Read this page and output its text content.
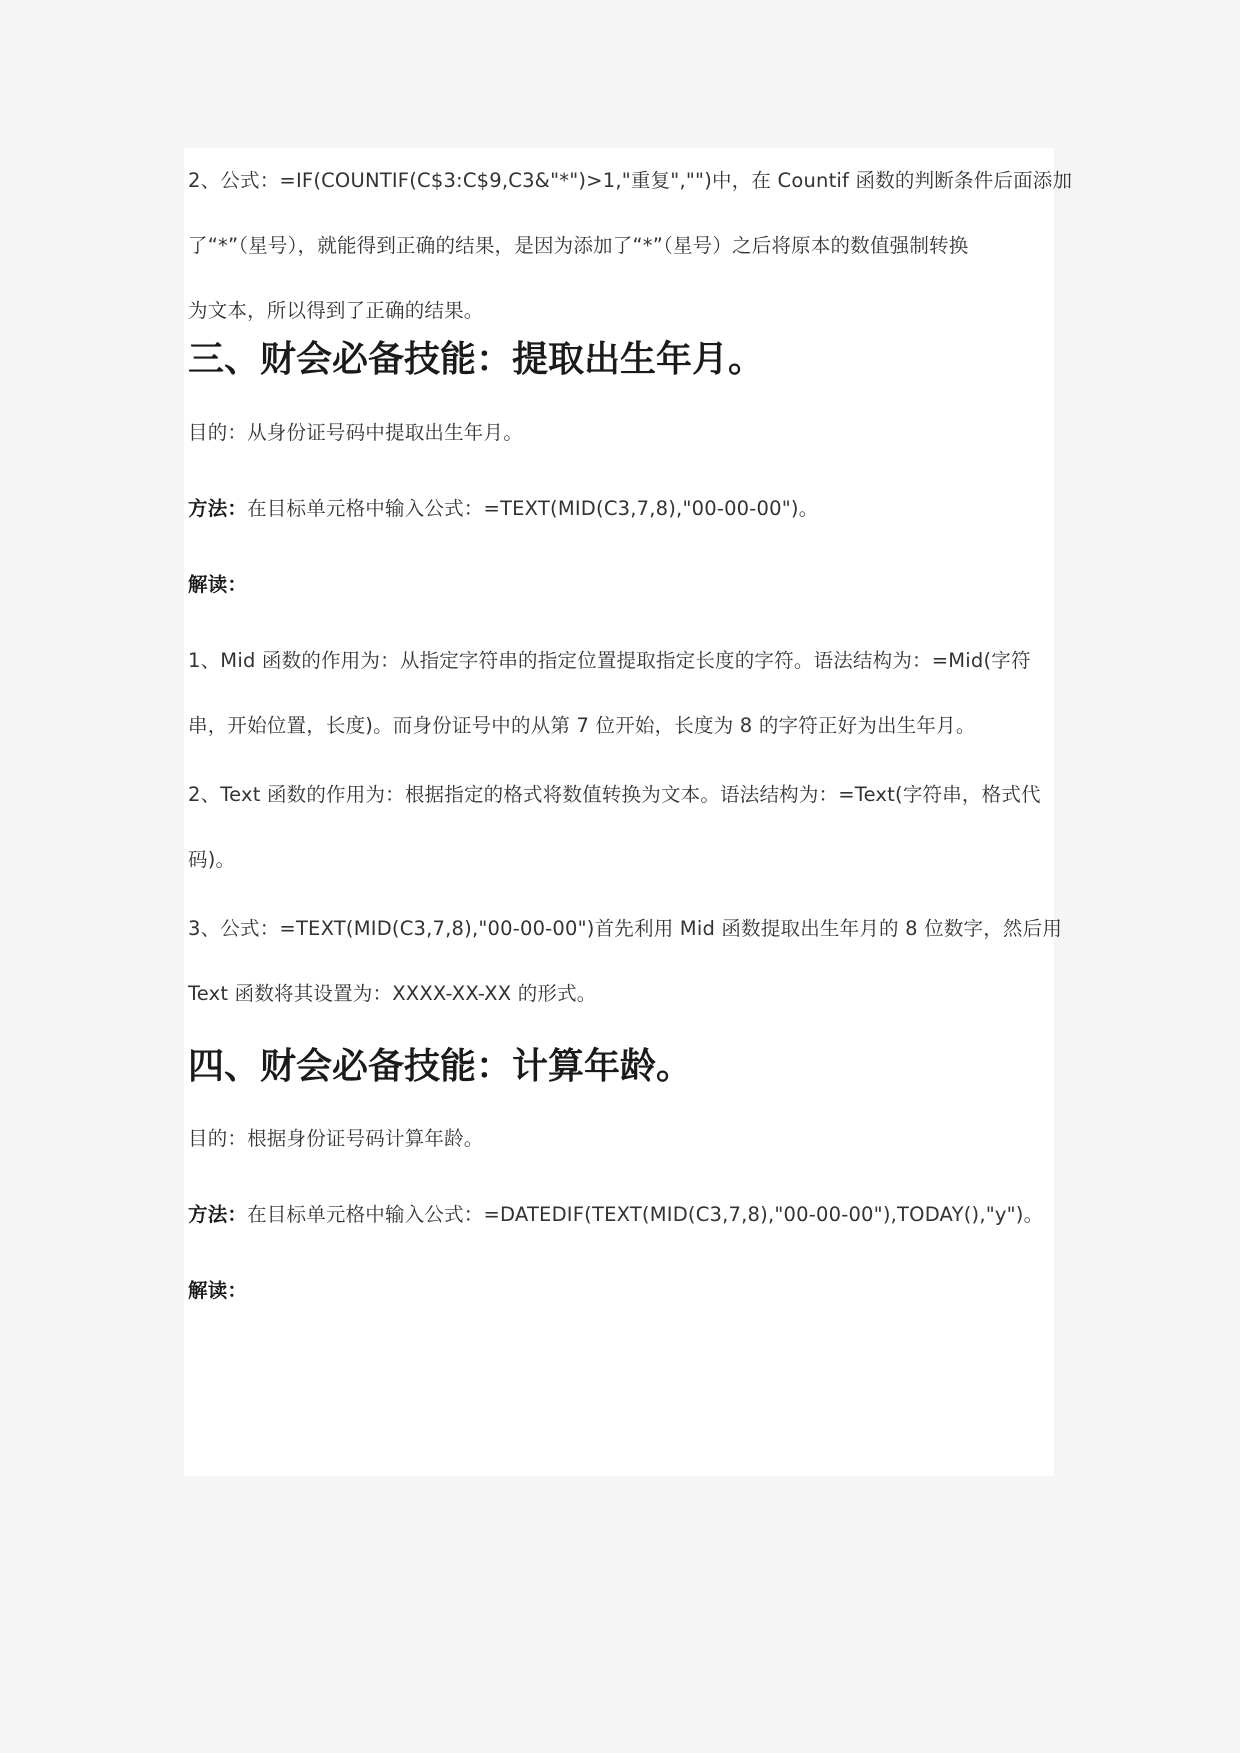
2、公式：=IF(COUNTIF(C$3:C$9,C3&"*")>1,"重复","")中，在 Countif 函数的判断条件后面添加

了“*”（星号），就能得到正确的结果，是因为添加了“*”（星号）之后将原本的数值强制转换

为文本，所以得到了正确的结果。

三、财会必备技能：提取出生年月。

目的：从身份证号码中提取出生年月。

方法：在目标单元格中输入公式：=TEXT(MID(C3,7,8),"00-00-00")。

解读：

1、Mid 函数的作用为：从指定字符串的指定位置提取指定长度的字符。语法结构为：=Mid(字符

串，开始位置，长度)。而身份证号中的从第 7 位开始，长度为 8 的字符正好为出生年月。

2、Text 函数的作用为：根据指定的格式将数值转换为文本。语法结构为：=Text(字符串，格式代

码)。

3、公式：=TEXT(MID(C3,7,8),"00-00-00")首先利用 Mid 函数提取出生年月的 8 位数字，然后用

Text 函数将其设置为：XXXX-XX-XX 的形式。

四、财会必备技能：计算年龄。

目的：根据身份证号码计算年龄。

方法：在目标单元格中输入公式：=DATEDIF(TEXT(MID(C3,7,8),"00-00-00"),TODAY(),"y")。

解读：
